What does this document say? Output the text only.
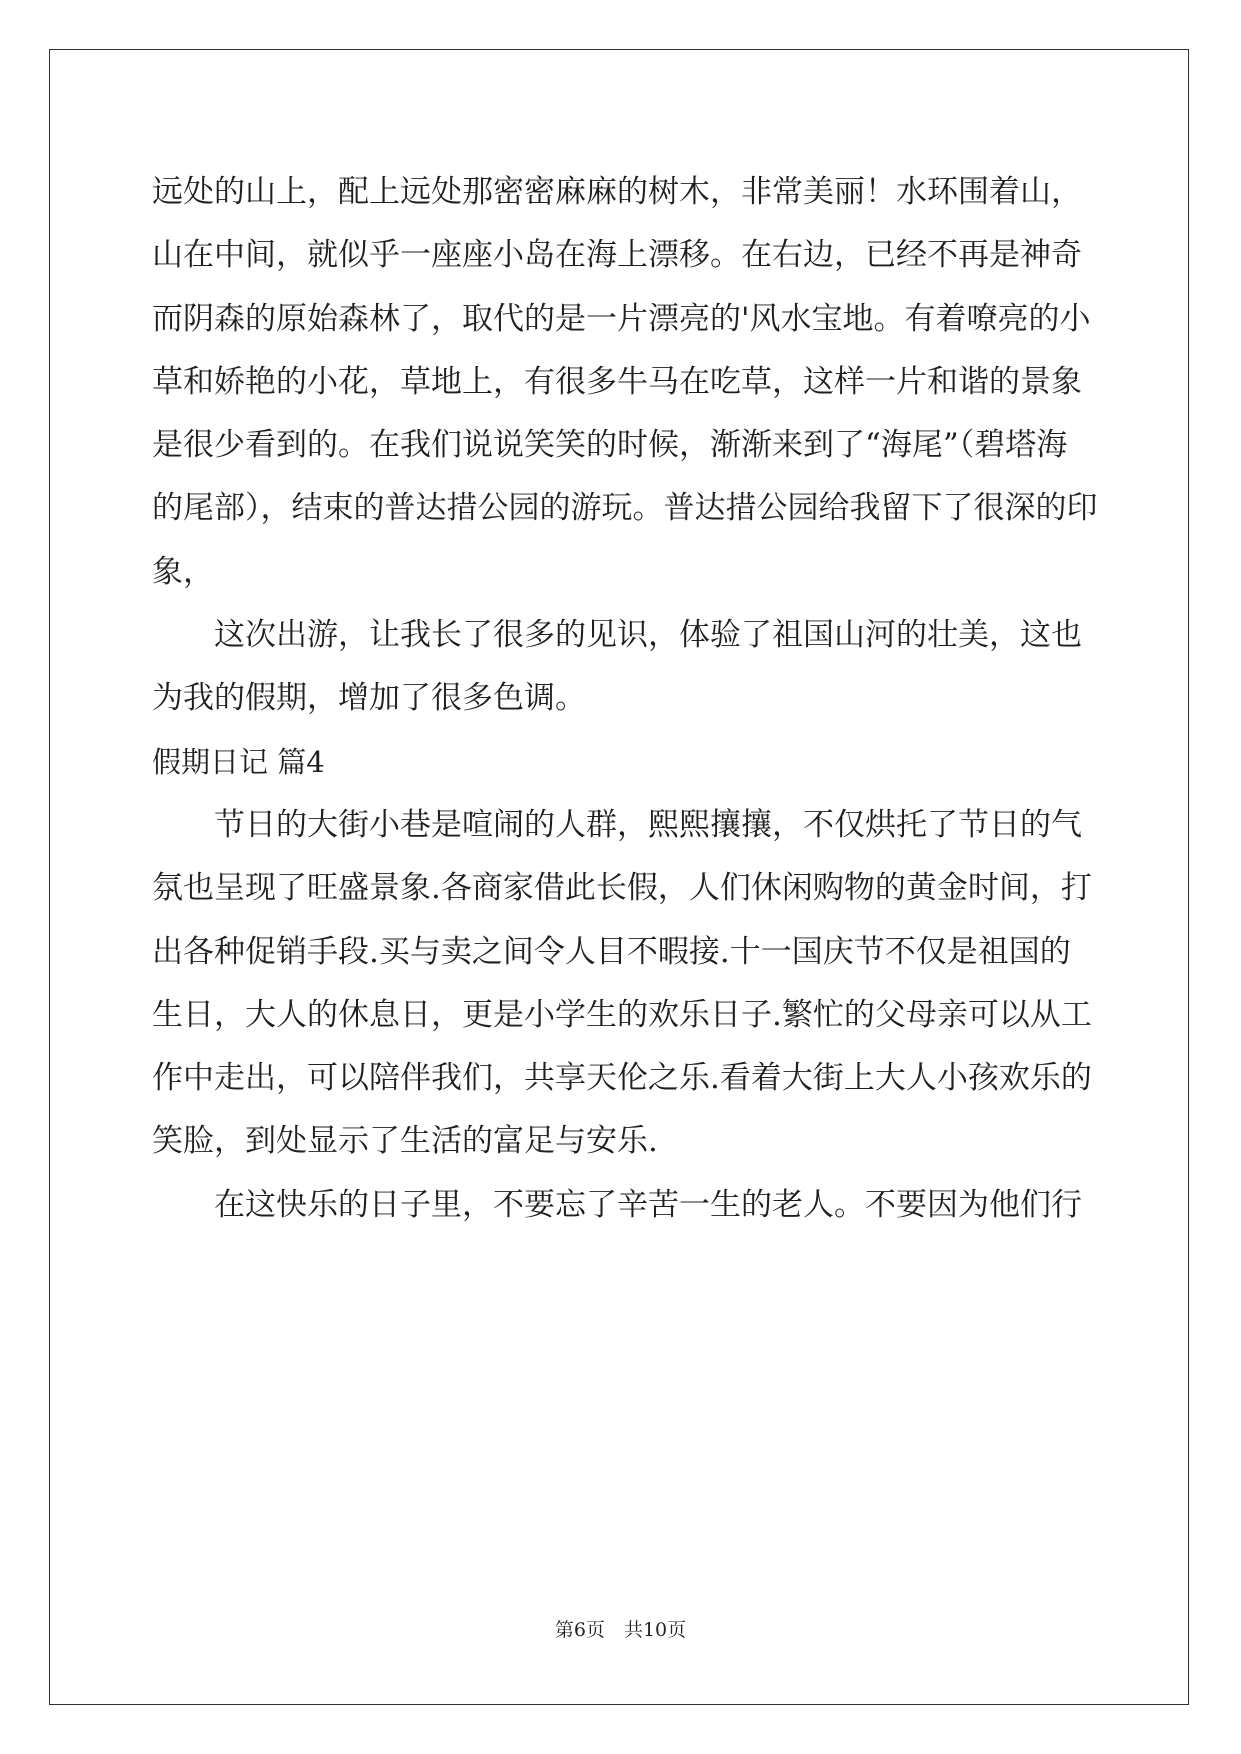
远处的山上，配上远处那密密麻麻的树木，非常美丽！水环围着山，
山在中间，就似乎一座座小岛在海上漂移。在右边，已经不再是神奇
而阴森的原始森林了，取代的是一片漂亮的'风水宝地。有着嘹亮的小
草和娇艳的小花，草地上，有很多牛马在吃草，这样一片和谐的景象
是很少看到的。在我们说说笑笑的时候，渐渐来到了“海尾”（碧塔海
的尾部），结束的普达措公园的游玩。普达措公园给我留下了很深的印
象，
这次出游，让我长了很多的见识，体验了祖国山河的壮美，这也
为我的假期，增加了很多色调。
假期日记 篇4
节日的大街小巷是喧闹的人群，熙熙攘攘，不仅烘托了节日的气
氛也呈现了旺盛景象.各商家借此长假，人们休闲购物的黄金时间，打
出各种促销手段.买与卖之间令人目不暇接.十一国庆节不仅是祖国的
生日，大人的休息日，更是小学生的欢乐日子.繁忙的父母亲可以从工
作中走出，可以陪伴我们，共享天伦之乐.看着大街上大人小孩欢乐的
笑脸，到处显示了生活的富足与安乐.
在这快乐的日子里，不要忘了辛苦一生的老人。不要因为他们行
第6页　共10页
